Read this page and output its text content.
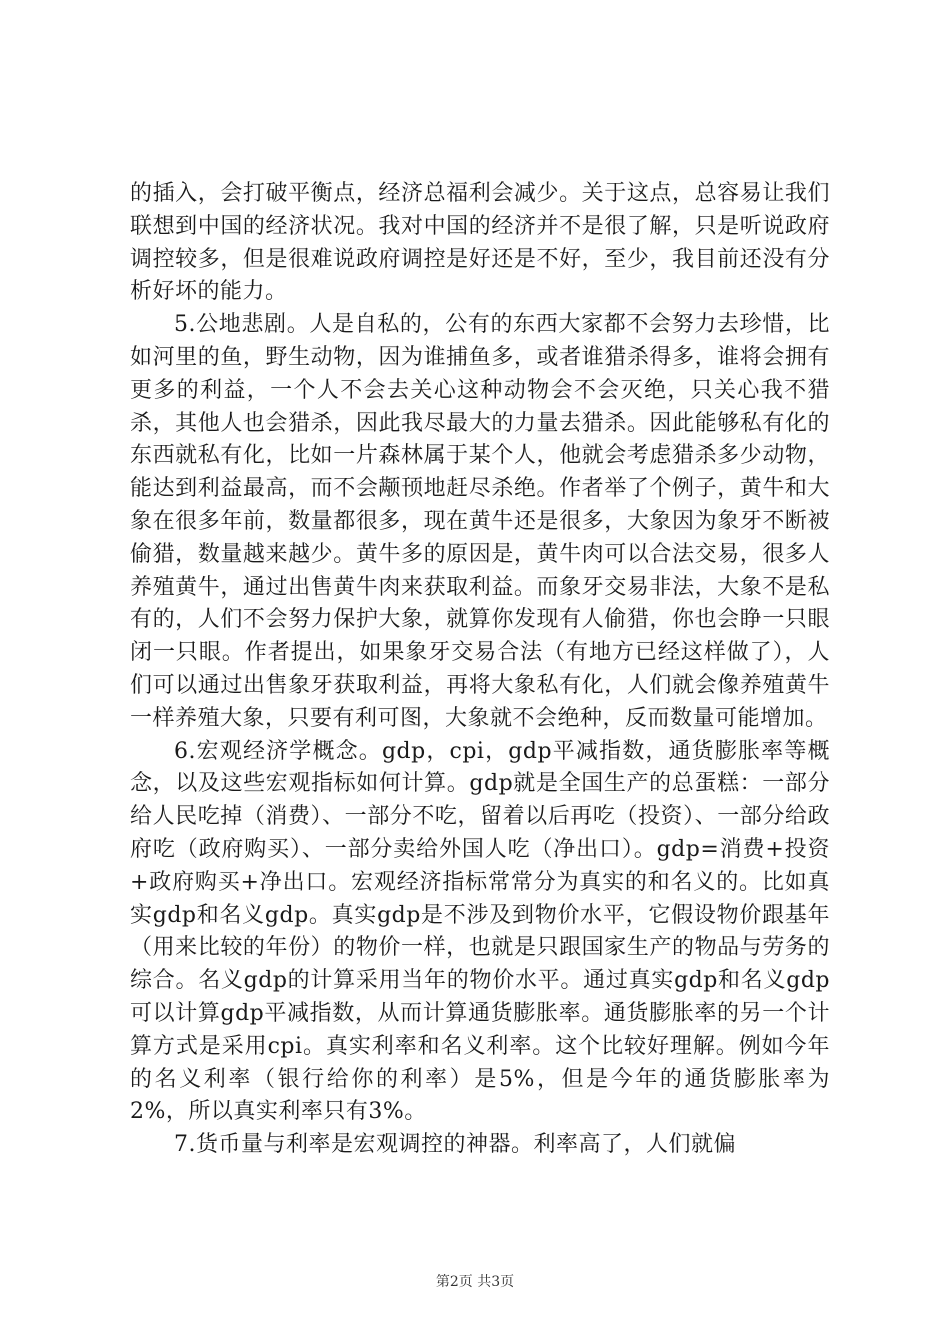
的插入，会打破平衡点，经济总福利会减少。关于这点，总容易让我们联想到中国的经济状况。我对中国的经济并不是很了解，只是听说政府调控较多，但是很难说政府调控是好还是不好，至少，我目前还没有分析好坏的能力。

5.公地悲剧。人是自私的，公有的东西大家都不会努力去珍惜，比如河里的鱼，野生动物，因为谁捕鱼多，或者谁猎杀得多，谁将会拥有更多的利益，一个人不会去关心这种动物会不会灭绝，只关心我不猎杀，其他人也会猎杀，因此我尽最大的力量去猎杀。因此能够私有化的东西就私有化，比如一片森林属于某个人，他就会考虑猎杀多少动物，能达到利益最高，而不会颟顸地赶尽杀绝。作者举了个例子，黄牛和大象在很多年前，数量都很多，现在黄牛还是很多，大象因为象牙不断被偷猎，数量越来越少。黄牛多的原因是，黄牛肉可以合法交易，很多人养殖黄牛，通过出售黄牛肉来获取利益。而象牙交易非法，大象不是私有的，人们不会努力保护大象，就算你发现有人偷猎，你也会睁一只眼闭一只眼。作者提出，如果象牙交易合法（有地方已经这样做了），人们可以通过出售象牙获取利益，再将大象私有化，人们就会像养殖黄牛一样养殖大象，只要有利可图，大象就不会绝种，反而数量可能增加。

6.宏观经济学概念。gdp，cpi，gdp平减指数，通货膨胀率等概念，以及这些宏观指标如何计算。gdp就是全国生产的总蛋糕：一部分给人民吃掉（消费）、一部分不吃，留着以后再吃（投资）、一部分给政府吃（政府购买）、一部分卖给外国人吃（净出口）。gdp=消费+投资+政府购买+净出口。宏观经济指标常常分为真实的和名义的。比如真实gdp和名义gdp。真实gdp是不涉及到物价水平，它假设物价跟基年（用来比较的年份）的物价一样，也就是只跟国家生产的物品与劳务的综合。名义gdp的计算采用当年的物价水平。通过真实gdp和名义gdp可以计算gdp平减指数，从而计算通货膨胀率。通货膨胀率的另一个计算方式是采用cpi。真实利率和名义利率。这个比较好理解。例如今年的名义利率（银行给你的利率）是5%，但是今年的通货膨胀率为2%，所以真实利率只有3%。

7.货币量与利率是宏观调控的神器。利率高了，人们就偏

第2页 共3页
